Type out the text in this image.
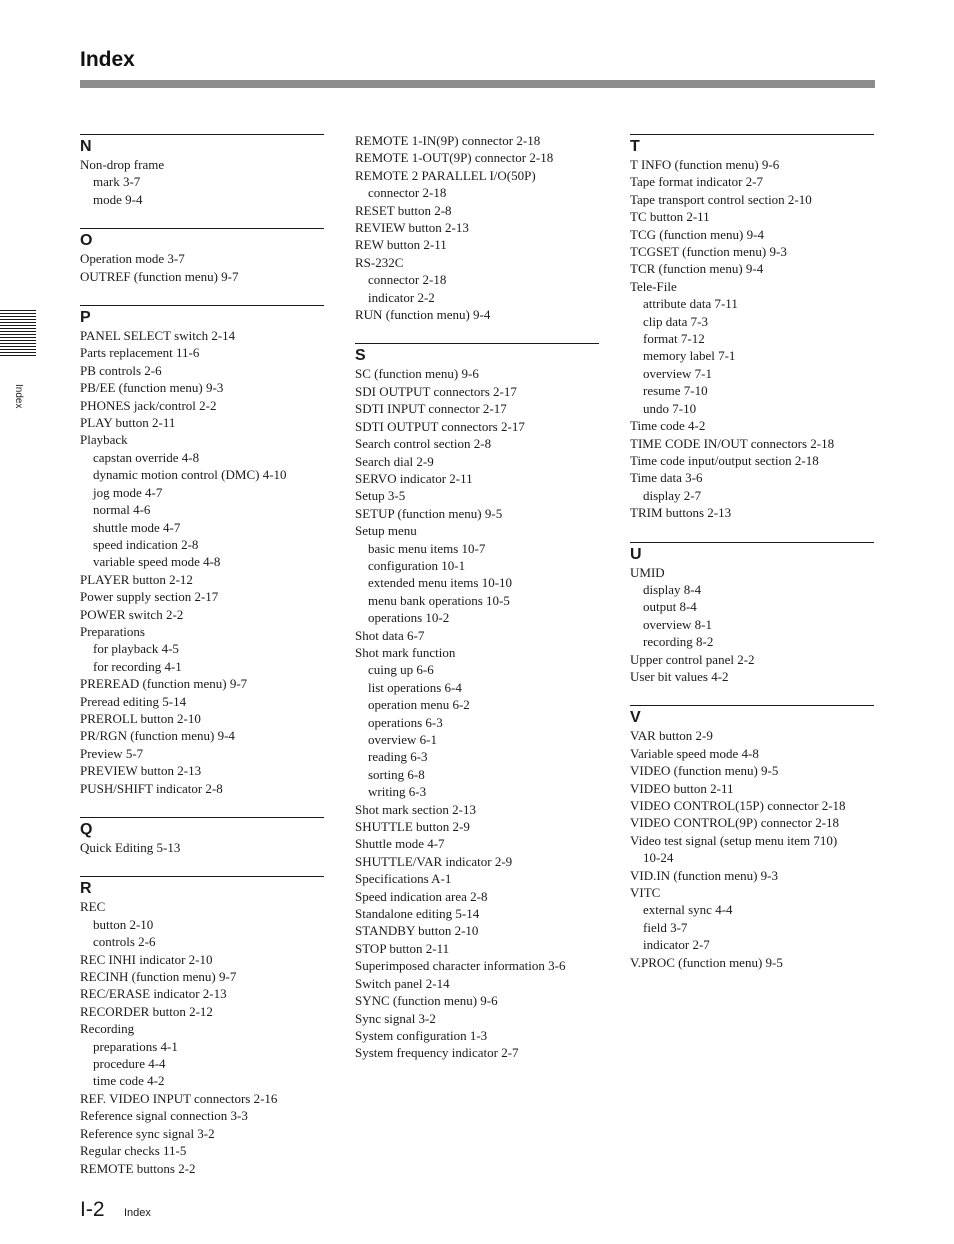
Index
Index
N
Non-drop frame
mark 3-7
mode 9-4
O
Operation mode 3-7
OUTREF (function menu) 9-7
P
PANEL SELECT switch 2-14
Parts replacement 11-6
PB controls 2-6
PB/EE (function menu) 9-3
PHONES jack/control 2-2
PLAY button 2-11
Playback
capstan override 4-8
dynamic motion control (DMC) 4-10
jog mode 4-7
normal 4-6
shuttle mode 4-7
speed indication 2-8
variable speed mode 4-8
PLAYER button 2-12
Power supply section 2-17
POWER switch 2-2
Preparations
for playback 4-5
for recording 4-1
PREREAD (function menu) 9-7
Preread editing 5-14
PREROLL button 2-10
PR/RGN (function menu) 9-4
Preview 5-7
PREVIEW button 2-13
PUSH/SHIFT indicator 2-8
Q
Quick Editing 5-13
R
REC
button 2-10
controls 2-6
REC INHI indicator 2-10
RECINH (function menu) 9-7
REC/ERASE indicator 2-13
RECORDER button 2-12
Recording
preparations 4-1
procedure 4-4
time code 4-2
REF. VIDEO INPUT connectors 2-16
Reference signal connection 3-3
Reference sync signal 3-2
Regular checks 11-5
REMOTE buttons 2-2
REMOTE 1-IN(9P) connector 2-18
REMOTE 1-OUT(9P) connector 2-18
REMOTE 2 PARALLEL I/O(50P)
connector 2-18
RESET button 2-8
REVIEW button 2-13
REW button 2-11
RS-232C
connector 2-18
indicator 2-2
RUN (function menu) 9-4
S
SC (function menu) 9-6
SDI OUTPUT connectors 2-17
SDTI INPUT connector 2-17
SDTI OUTPUT connectors 2-17
Search control section 2-8
Search dial 2-9
SERVO indicator 2-11
Setup 3-5
SETUP (function menu) 9-5
Setup menu
basic menu items 10-7
configuration 10-1
extended menu items 10-10
menu bank operations 10-5
operations 10-2
Shot data 6-7
Shot mark function
cuing up 6-6
list operations 6-4
operation menu 6-2
operations 6-3
overview 6-1
reading 6-3
sorting 6-8
writing 6-3
Shot mark section 2-13
SHUTTLE button 2-9
Shuttle mode 4-7
SHUTTLE/VAR indicator 2-9
Specifications A-1
Speed indication area 2-8
Standalone editing 5-14
STANDBY button 2-10
STOP button 2-11
Superimposed character information 3-6
Switch panel 2-14
SYNC (function menu) 9-6
Sync signal 3-2
System configuration 1-3
System frequency indicator 2-7
T
T INFO (function menu) 9-6
Tape format indicator 2-7
Tape transport control section 2-10
TC button 2-11
TCG (function menu) 9-4
TCGSET (function menu) 9-3
TCR (function menu) 9-4
Tele-File
attribute data 7-11
clip data 7-3
format 7-12
memory label 7-1
overview 7-1
resume 7-10
undo 7-10
Time code 4-2
TIME CODE IN/OUT connectors 2-18
Time code input/output section 2-18
Time data 3-6
display 2-7
TRIM buttons 2-13
U
UMID
display 8-4
output 8-4
overview 8-1
recording 8-2
Upper control panel 2-2
User bit values 4-2
V
VAR button 2-9
Variable speed mode 4-8
VIDEO (function menu) 9-5
VIDEO button 2-11
VIDEO CONTROL(15P) connector 2-18
VIDEO CONTROL(9P) connector 2-18
Video test signal (setup menu item 710)
10-24
VID.IN (function menu) 9-3
VITC
external sync 4-4
field 3-7
indicator 2-7
V.PROC (function menu) 9-5
I-2 Index
